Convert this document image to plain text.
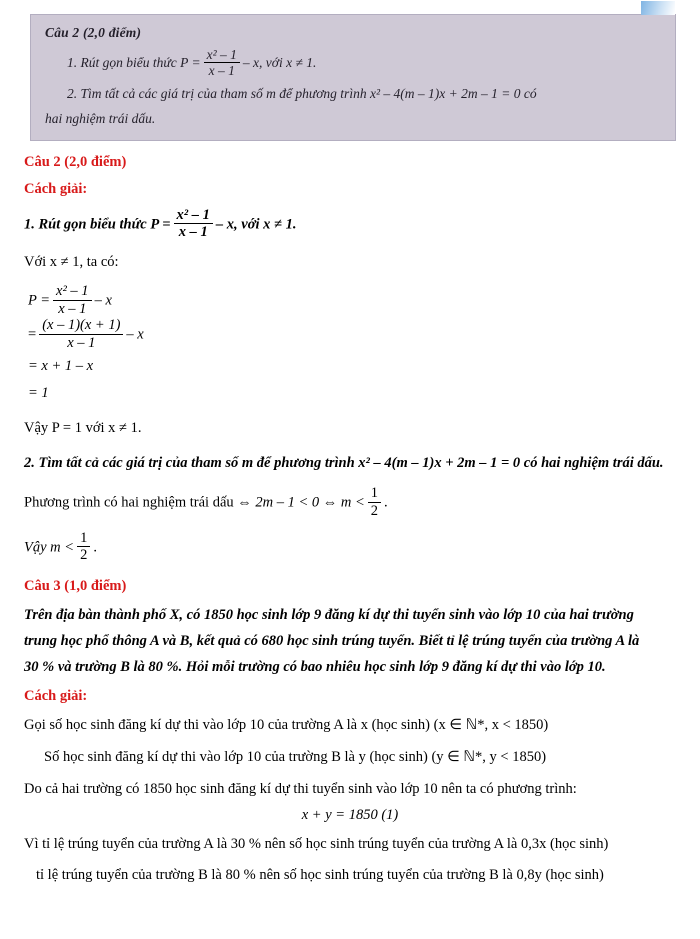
Câu 2 (2,0 điểm)
1. Rút gọn biểu thức $P = \frac{\text{x² – 1}}{x - 1} - x$, với x ≠ 1.
2. Tìm tất cả các giá trị của tham số m để phương trình x² – 4(m – 1)x + 2m – 1 = 0 có
hai nghiệm trái dấu.
Câu 2 (2,0 điểm)
Cách giải:
1. Rút gọn biểu thức $P = \frac{\text{x² – 1}}{x - 1} - x$, với x ≠ 1.
Với x ≠ 1, ta có:
$P = \frac{\text{x² – 1}}{x - 1} - x$
= $\frac{(x - 1)(x + 1)}{x - 1}$ – x
= x + 1 – x
= 1
Vậy P = 1 với x ≠ 1.
2. Tìm tất cả các giá trị của tham số m để phương trình x² – 4(m – 1)x + 2m – 1 = 0 có hai nghiệm trái dấu.
Phương trình có hai nghiệm trái dấu ⇔ 2m – 1 < 0 ⇔ $m < \frac{1}{2}$ .
Vậy $m < \frac{1}{2}$ .
Câu 3 (1,0 điểm)
Trên địa bàn thành phố X, có 1850 học sinh lớp 9 đăng kí dự thi tuyển sinh vào lớp 10 của hai trường
trung học phổ thông A và B, kết quả có 680 học sinh trúng tuyển. Biết tỉ lệ trúng tuyển của trường A là
30 % và trường B là 80 %. Hỏi mỗi trường có bao nhiêu học sinh lớp 9 đăng kí dự thi vào lớp 10.
Cách giải:
Gọi số học sinh đăng kí dự thi vào lớp 10 của trường A là x (học sinh) (x ∈ ℕ*, x < 1850)
Số học sinh đăng kí dự thi vào lớp 10 của trường B là y (học sinh) (y ∈ ℕ*, y < 1850)
Do cả hai trường có 1850 học sinh đăng kí dự thi tuyển sinh vào lớp 10 nên ta có phương trình:
x + y = 1850 (1)
Vì tỉ lệ trúng tuyển của trường A là 30 % nên số học sinh trúng tuyển của trường A là 0,3x (học sinh)
tỉ lệ trúng tuyển của trường B là 80 % nên số học sinh trúng tuyển của trường B là 0,8y (học sinh)
